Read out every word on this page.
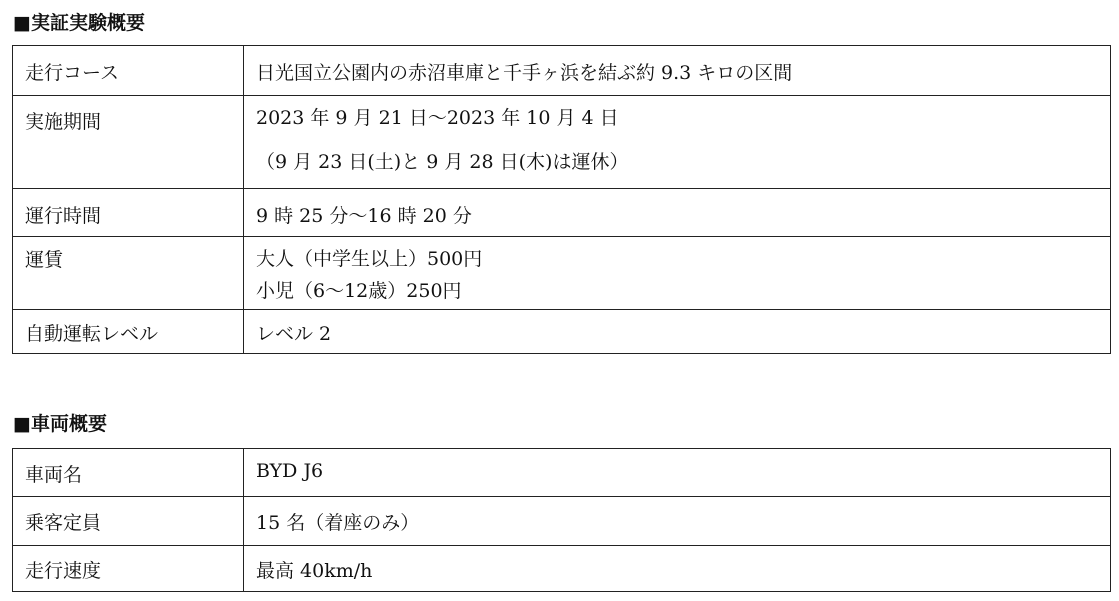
■実証実験概要
走行コース	日光国立公園内の赤沼車庫と千手ヶ浜を結ぶ約 9.3 キロの区間

実施期間	2023 年 9 月 21 日～2023 年 10 月 4 日
（9 月 23 日(土)と 9 月 28 日(木)は運休）

運行時間	9 時 25 分～16 時 20 分

運賃	大人（中学生以上）500円
小児（6～12歳）250円

自動運転レベル	レベル 2
■車両概要
車両名	BYD J6

乗客定員	15 名（着座のみ）

走行速度	最高 40km/h
